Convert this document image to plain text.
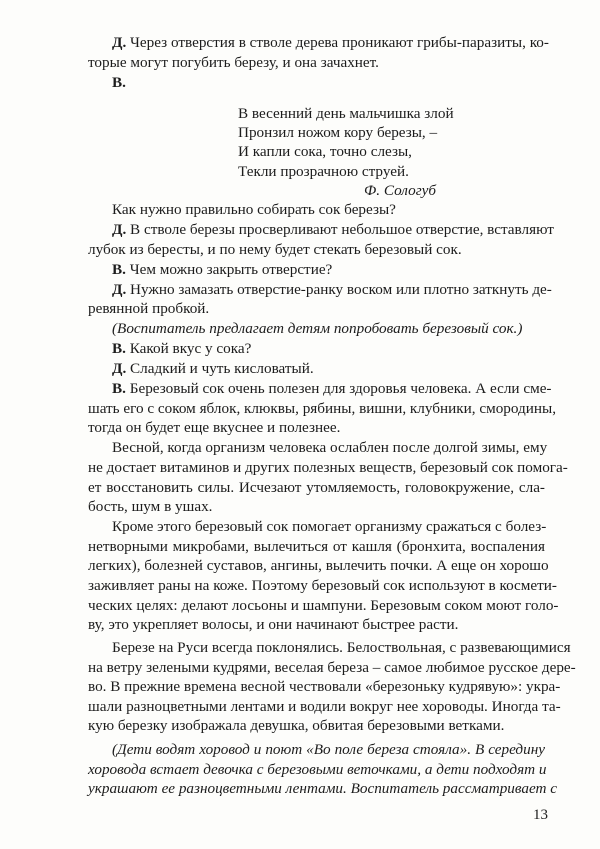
Д. Через отверстия в стволе дерева проникают грибы-паразиты, ко-
торые могут погубить березу, и она зачахнет.
В.
Как нужно правильно собирать сок березы?
Д. В стволе березы просверливают небольшое отверстие, вставляют
лубок из бересты, и по нему будет стекать березовый сок.
В. Чем можно закрыть отверстие?
Д. Нужно замазать отверстие-ранку воском или плотно заткнуть де-
ревянной пробкой.
(Воспитатель предлагает детям попробовать березовый сок.)
В. Какой вкус у сока?
Д. Сладкий и чуть кисловатый.
В. Березовый сок очень полезен для здоровья человека. А если сме-
шать его с соком яблок, клюквы, рябины, вишни, клубники, смородины,
тогда он будет еще вкуснее и полезнее.
Весной, когда организм человека ослаблен после долгой зимы, ему
не достает витаминов и других полезных веществ, березовый сок помога-
ет восстановить силы. Исчезают утомляемость, головокружение, сла-
бость, шум в ушах.
Кроме этого березовый сок помогает организму сражаться с болез-
нетворными микробами, вылечиться от кашля (бронхита, воспаления
легких), болезней суставов, ангины, вылечить почки. А еще он хорошо
заживляет раны на коже. Поэтому березовый сок используют в космети-
ческих целях: делают лосьоны и шампуни. Березовым соком моют голо-
ву, это укрепляет волосы, и они начинают быстрее расти.
Березе на Руси всегда поклонялись. Белоствольная, с развевающимися
на ветру зелеными кудрями, веселая береза – самое любимое русское дере-
во. В прежние времена весной чествовали «березоньку кудрявую»: укра-
шали разноцветными лентами и водили вокруг нее хороводы. Иногда та-
кую березку изображала девушка, обвитая березовыми ветками.
(Дети водят хоровод и поют «Во поле береза стояла». В середину
хоровода встает девочка с березовыми веточками, а дети подходят и
украшают ее разноцветными лентами. Воспитатель рассматривает с
В весенний день мальчишка злой
Пронзил ножом кору березы, –
И капли сока, точно слезы,
Текли прозрачною струей.
Ф. Сологуб
13
